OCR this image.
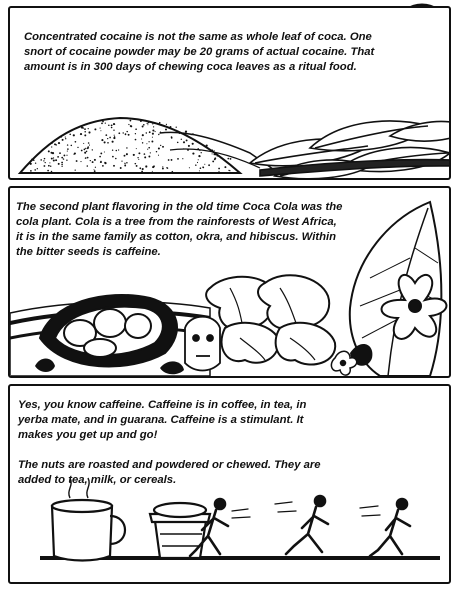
Concentrated cocaine is not the same as whole leaf of coca. One snort of cocaine powder may be 20 grams of actual cocaine. That amount is in 300 days of chewing coca leaves as a ritual food.

The second plant flavoring in the old time Coca Cola was the cola plant. Cola is a tree from the rainforests of West Africa, it is in the same family as cotton, okra, and hibiscus. Within the bitter seeds is caffeine.

Yes, you know caffeine. Caffeine is in coffee, in tea, in yerba mate, and in guarana. Caffeine is a stimulant. It makes you get up and go!

The nuts are roasted and powdered or chewed. They are added to tea, milk, or cereals.
